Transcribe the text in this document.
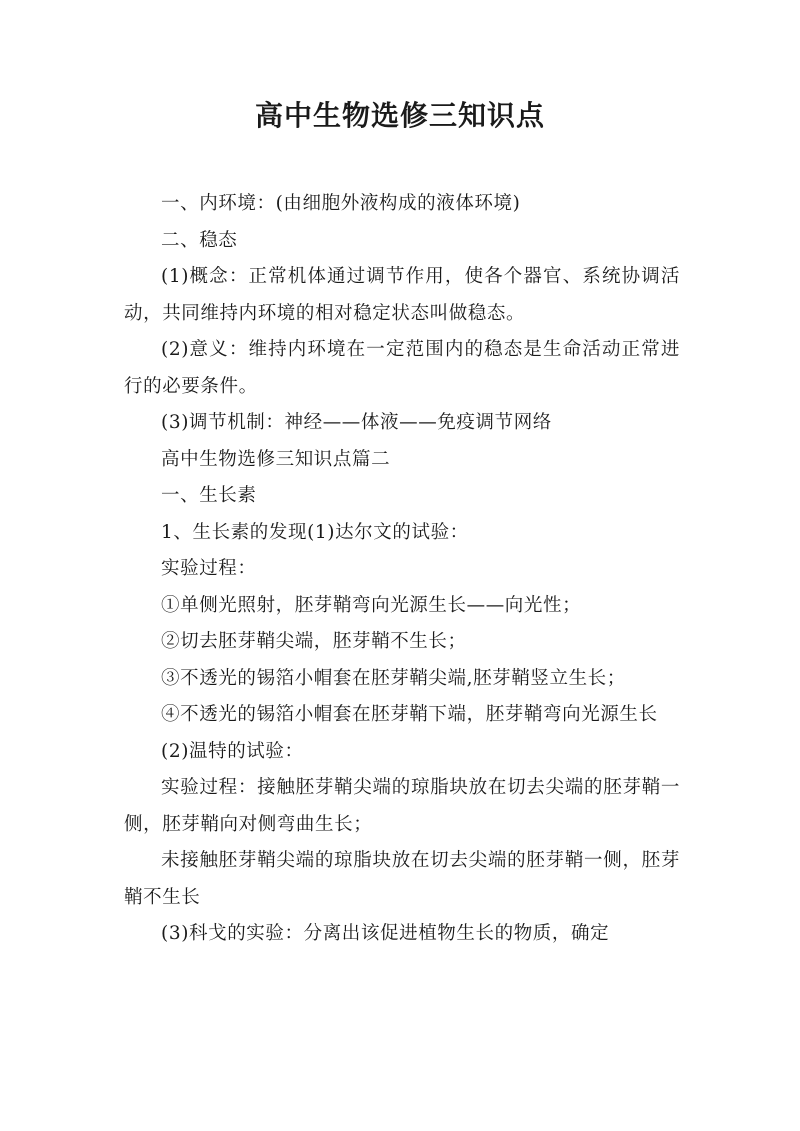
高中生物选修三知识点

一、内环境：(由细胞外液构成的液体环境)

二、稳态

(1)概念：正常机体通过调节作用，使各个器官、系统协调活动，共同维持内环境的相对稳定状态叫做稳态。

(2)意义：维持内环境在一定范围内的稳态是生命活动正常进行的必要条件。

(3)调节机制：神经——体液——免疫调节网络

高中生物选修三知识点篇二

一、生长素

1、生长素的发现(1)达尔文的试验：

实验过程：

①单侧光照射，胚芽鞘弯向光源生长——向光性；

②切去胚芽鞘尖端，胚芽鞘不生长；

③不透光的锡箔小帽套在胚芽鞘尖端,胚芽鞘竖立生长；

④不透光的锡箔小帽套在胚芽鞘下端，胚芽鞘弯向光源生长

(2)温特的试验：

实验过程：接触胚芽鞘尖端的琼脂块放在切去尖端的胚芽鞘一侧，胚芽鞘向对侧弯曲生长；

未接触胚芽鞘尖端的琼脂块放在切去尖端的胚芽鞘一侧，胚芽鞘不生长

(3)科戈的实验：分离出该促进植物生长的物质，确定
